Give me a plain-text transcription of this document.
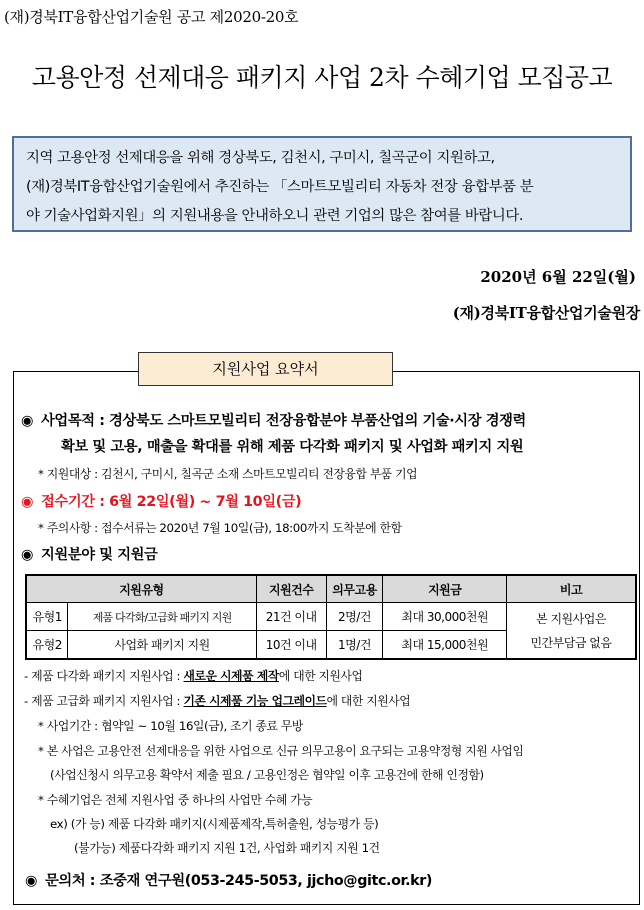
(재)경북IT융합산업기술원 공고 제2020-20호
고용안정 선제대응 패키지 사업 2차 수혜기업 모집공고
지역 고용안정 선제대응을 위해 경상북도, 김천시, 구미시, 칠곡군이 지원하고,
(재)경북IT융합산업기술원에서 추진하는 「스마트모빌리티 자동차 전장 융합부품 분
야 기술사업화지원」의 지원내용을 안내하오니 관련 기업의 많은 참여를 바랍니다.
2020년 6월 22일(월)
(재)경북IT융합산업기술원장
지원사업 요약서
◉ 사업목적 : 경상북도 스마트모빌리티 전장융합분야 부품산업의 기술·시장 경쟁력
확보 및 고용, 매출을 확대를 위해 제품 다각화 패키지 및 사업화 패키지 지원
* 지원대상 : 김천시, 구미시, 칠곡군 소재 스마트모빌리티 전장융합 부품 기업
◉ 접수기간 : 6월 22일(월) ~ 7월 10일(금)
* 주의사항 : 접수서류는 2020년 7월 10일(금), 18:00까지 도착분에 한함
◉ 지원분야 및 지원금
지원유형		지원건수	의무고용	지원금	비고
유형1	제품 다각화/고급화 패키지 지원	21건 이내	2명/건	최대 30,000천원	본 지원사업은
민간부담금 없음

유형2	사업화 패키지 지원	10건 이내	1명/건	최대 15,000천원	
- 제품 다각화 패키지 지원사업 : 새로운 시제품 제작에 대한 지원사업
- 제품 고급화 패키지 지원사업 : 기존 시제품 기능 업그레이드에 대한 지원사업
* 사업기간 : 협약일 ~ 10월 16일(금), 조기 종료 무방
* 본 사업은 고용안전 선제대응을 위한 사업으로 신규 의무고용이 요구되는 고용약정형 지원 사업임
(사업신청시 의무고용 확약서 제출 필요 / 고용인정은 협약일 이후 고용건에 한해 인정함)
* 수혜기업은 전체 지원사업 중 하나의 사업만 수혜 가능
ex) (가 능) 제품 다각화 패키지(시제품제작,특허출원, 성능평가 등)
(불가능) 제품다각화 패키지 지원 1건, 사업화 패키지 지원 1건
◉ 문의처 : 조중재 연구원(053-245-5053, jjcho@gitc.or.kr)
